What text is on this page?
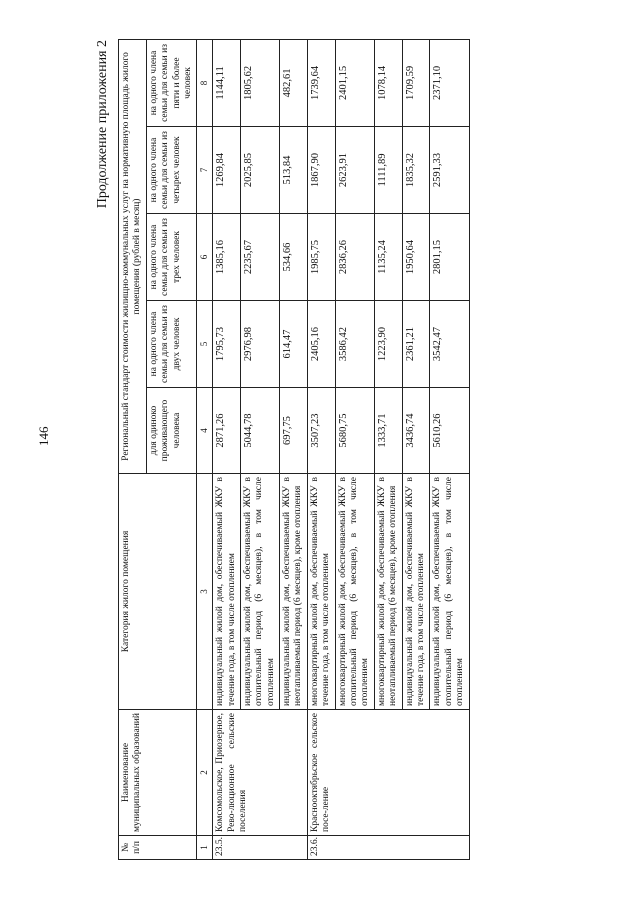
146
Продолжение приложения 2
№ п/п	Наименование муниципальных образований	Категория жилого помещения	Региональный стандарт стоимости жилищно-коммунальных услуг на нормативную площадь жилого помещения (рублей в месяц)				
			для одиноко проживающего человека	на одного члена семьи для семьи из двух человек	на одного члена семьи для семьи из трех человек	на одного члена семьи для семьи из четырех человек	на одного члена семьи для семьи из пяти и более человек
1	2	3	4	5	6	7	8
23.5.	Комсомольское, Приозерное, Рево-люционное сельские поселения	индивидуальный жилой дом, обеспечиваемый ЖКУ в течение года, в том числе отоплением	2871,26	1795,73	1385,16	1269,84	1144,11
		индивидуальный жилой дом, обеспечиваемый ЖКУ в отопительный период (6 месяцев), в том числе отоплением	5044,78	2976,98	2235,67	2025,85	1805,62
		индивидуальный жилой дом, обеспечиваемый ЖКУ в неотапливаемый период (6 месяцев), кроме отопления	697,75	614,47	534,66	513,84	482,61
23.6.	Краснооктябрьское сельское посе-ление	многоквартирный жилой дом, обеспечиваемый ЖКУ в течение года, в том числе отоплением	3507,23	2405,16	1985,75	1867,90	1739,64
		многоквартирный жилой дом, обеспечиваемый ЖКУ в отопительный период (6 месяцев), в том числе отоплением	5680,75	3586,42	2836,26	2623,91	2401,15
		многоквартирный жилой дом, обеспечиваемый ЖКУ в неотапливаемый период (6 месяцев), кроме отопления	1333,71	1223,90	1135,24	1111,89	1078,14
		индивидуальный жилой дом, обеспечиваемый ЖКУ в течение года, в том числе отоплением	3436,74	2361,21	1950,64	1835,32	1709,59
		индивидуальный жилой дом, обеспечиваемый ЖКУ в отопительный период (6 месяцев), в том числе отоплением	5610,26	3542,47	2801,15	2591,33	2371,10
